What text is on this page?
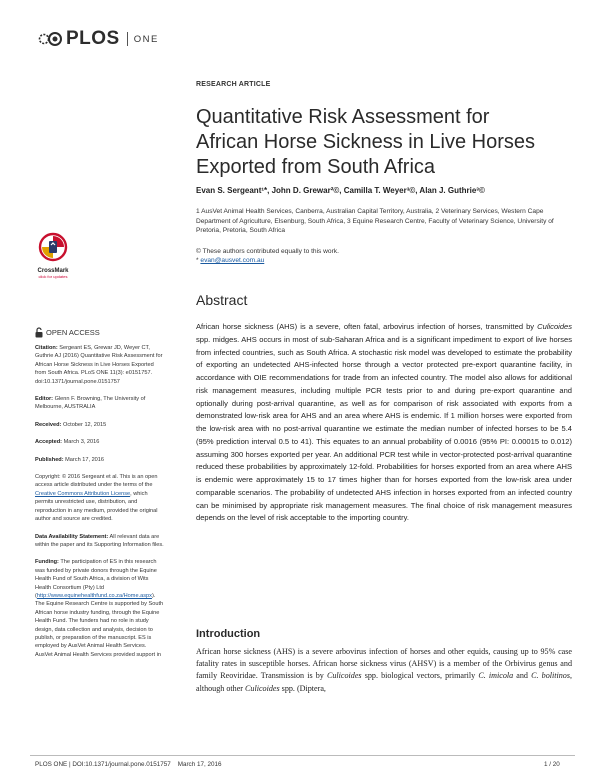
PLOS ONE
RESEARCH ARTICLE
Quantitative Risk Assessment for African Horse Sickness in Live Horses Exported from South Africa
Evan S. Sergeant¹*, John D. Grewar²©, Camilla T. Weyer³©, Alan J. Guthrie³©
1 AusVet Animal Health Services, Canberra, Australian Capital Territory, Australia, 2 Veterinary Services, Western Cape Department of Agriculture, Elsenburg, South Africa, 3 Equine Research Centre, Faculty of Veterinary Science, University of Pretoria, Pretoria, South Africa
© These authors contributed equally to this work.
* evan@ausvet.com.au
CrossMark
click for updates
Abstract
African horse sickness (AHS) is a severe, often fatal, arbovirus infection of horses, transmitted by Culicoides spp. midges. AHS occurs in most of sub-Saharan Africa and is a significant impediment to export of live horses from infected countries, such as South Africa. A stochastic risk model was developed to estimate the probability of exporting an undetected AHS-infected horse through a vector protected pre-export quarantine facility, in accordance with OIE recommendations for trade from an infected country. The model also allows for additional risk management measures, including multiple PCR tests prior to and during pre-export quarantine and optionally during post-arrival quarantine, as well as for comparison of risk associated with exports from a demonstrated low-risk area for AHS and an area where AHS is endemic. If 1 million horses were exported from the low-risk area with no post-arrival quarantine we estimate the median number of infected horses to be 5.4 (95% prediction interval 0.5 to 41). This equates to an annual probability of 0.0016 (95% PI: 0.00015 to 0.012) assuming 300 horses exported per year. An additional PCR test while in vector-protected post-arrival quarantine reduced these probabilities by approximately 12-fold. Probabilities for horses exported from an area where AHS is endemic were approximately 15 to 17 times higher than for horses exported from the low-risk area under comparable scenarios. The probability of undetected AHS infection in horses exported from an infected country can be minimised by appropriate risk management measures. The final choice of risk management measures depends on the level of risk acceptable to the importing country.
OPEN ACCESS
Citation: Sergeant ES, Grewar JD, Weyer CT, Guthrie AJ (2016) Quantitative Risk Assessment for African Horse Sickness in Live Horses Exported from South Africa. PLoS ONE 11(3): e0151757. doi:10.1371/journal.pone.0151757
Editor: Glenn F. Browning, The University of Melbourne, AUSTRALIA
Received: October 12, 2015
Accepted: March 3, 2016
Published: March 17, 2016
Copyright: © 2016 Sergeant et al. This is an open access article distributed under the terms of the Creative Commons Attribution License, which permits unrestricted use, distribution, and reproduction in any medium, provided the original author and source are credited.
Data Availability Statement: All relevant data are within the paper and its Supporting Information files.
Funding: The participation of ES in this research was funded by private donors through the Equine Health Fund of South Africa, a division of Wits Health Consortium (Pty) Ltd (http://www.equinehealthfund.co.za/Home.aspx). The Equine Research Centre is supported by South African horse industry funding, through the Equine Health Fund. The funders had no role in study design, data collection and analysis, decision to publish, or preparation of the manuscript. ES is employed by AusVet Animal Health Services. AusVet Animal Health Services provided support in
Introduction
African horse sickness (AHS) is a severe arbovirus infection of horses and other equids, causing up to 95% case fatality rates in susceptible horses. African horse sickness virus (AHSV) is a member of the Orbivirus genus and family Reoviridae. Transmission is by Culicoides spp. biological vectors, primarily C. imicola and C. bolitinos, although other Culicoides spp. (Diptera,
PLOS ONE | DOI:10.1371/journal.pone.0151757    March 17, 2016	1 / 20
